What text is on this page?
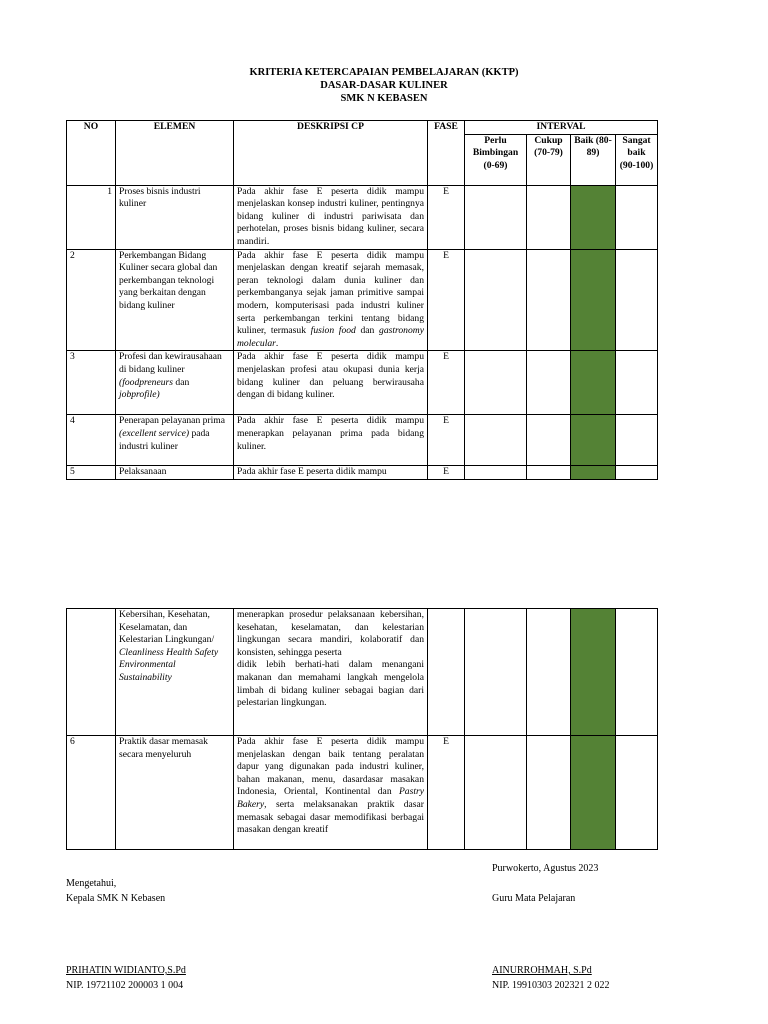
KRITERIA KETERCAPAIAN PEMBELAJARAN (KKTP)
DASAR-DASAR KULINER
SMK N KEBASEN
NO	ELEMEN	DESKRIPSI CP	FASE	INTERVAL			
				Perlu Bimbingan (0-69)	Cukup (70-79)	Baik (80-89)	Sangat baik (90-100)
1	Proses bisnis industri kuliner	Pada akhir fase E peserta didik mampu menjelaskan konsep industri kuliner, pentingnya bidang kuliner di industri pariwisata dan perhotelan, proses bisnis bidang kuliner, secara mandiri.	E				
2	Perkembangan Bidang Kuliner secara global dan perkembangan teknologi yang berkaitan dengan bidang kuliner	Pada akhir fase E peserta didik mampu menjelaskan dengan kreatif sejarah memasak, peran teknologi dalam dunia kuliner dan perkembanganya sejak jaman primitive sampai modern, komputerisasi pada industri kuliner serta perkembangan terkini tentang bidang kuliner, termasuk fusion food dan gastronomy molecular.	E				
3	Profesi dan kewirausahaan di bidang kuliner (foodpreneurs dan jobprofile)	Pada akhir fase E peserta didik mampu menjelaskan profesi atau okupasi dunia kerja bidang kuliner dan peluang berwirausaha dengan di bidang kuliner.	E				
4	Penerapan pelayanan prima (excellent service) pada industri kuliner	Pada akhir fase E peserta didik mampu menerapkan pelayanan prima pada bidang kuliner.	E				
5	Pelaksanaan	Pada akhir fase E peserta didik mampu	E				
	Kebersihan, Kesehatan, Keselamatan, dan Kelestarian Lingkungan/ Cleanliness Health Safety Environmental Sustainability	menerapkan prosedur pelaksanaan kebersihan, kesehatan, keselamatan, dan kelestarian lingkungan secara mandiri, kolaboratif dan konsisten, sehingga peserta
didik lebih berhati-hati dalam menangani makanan dan memahami langkah mengelola limbah di bidang kuliner sebagai bagian dari pelestarian lingkungan.					

6	Praktik dasar memasak secara menyeluruh	Pada akhir fase E peserta didik mampu menjelaskan dengan baik tentang peralatan dapur yang digunakan pada industri kuliner, bahan makanan, menu, dasardasar masakan Indonesia, Oriental, Kontinental dan Pastry Bakery, serta melaksanakan praktik dasar memasak sebagai dasar memodifikasi berbagai masakan dengan kreatif	E				
Purwokerto, Agustus 2023
Mengetahui,
Kepala SMK N Kebasen	Guru Mata Pelajaran
PRIHATIN WIDIANTO,S.Pd
NIP. 19721102 200003 1 004
AINURROHMAH, S.Pd
NIP. 19910303 202321 2 022
